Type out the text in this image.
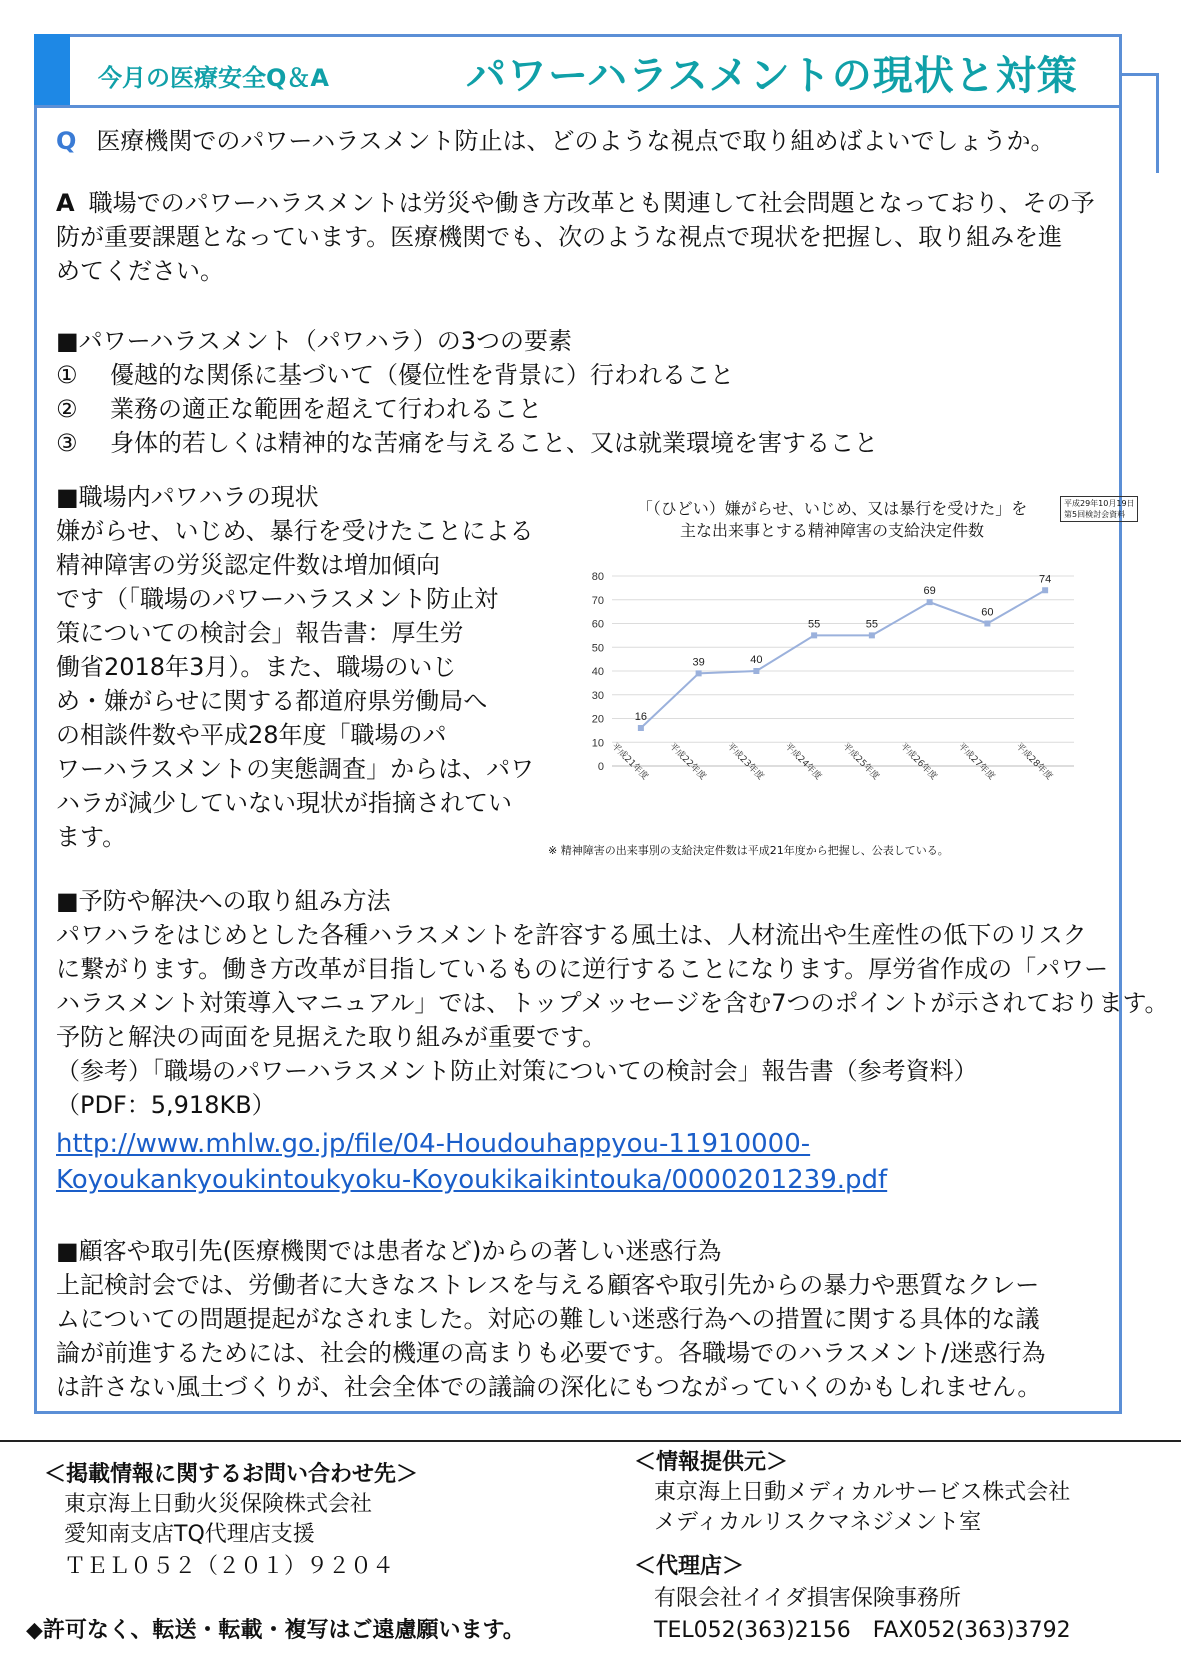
今月の医療安全Q＆A	パワーハラスメントの現状と対策
Q 医療機関でのパワーハラスメント防止は、どのような視点で取り組めばよいでしょうか。
A 職場でのパワーハラスメントは労災や働き方改革とも関連して社会問題となっており、その予
防が重要課題となっています。医療機関でも、次のような視点で現状を把握し、取り組みを進
めてください。
■パワーハラスメント（パワハラ）の3つの要素
① 優越的な関係に基づいて（優位性を背景に）行われること
② 業務の適正な範囲を超えて行われること
③ 身体的若しくは精神的な苦痛を与えること、又は就業環境を害すること
■職場内パワハラの現状
嫌がらせ、いじめ、暴行を受けたことによる
精神障害の労災認定件数は増加傾向
です（「職場のパワーハラスメント防止対
策についての検討会」報告書：厚生労
働省2018年3月）。また、職場のいじ
め・嫌がらせに関する都道府県労働局へ
の相談件数や平成28年度「職場のパ
ワーハラスメントの実態調査」からは、パワ
ハラが減少していない現状が指摘されてい
ます。
「（ひどい）嫌がらせ、いじめ、又は暴行を受けた」を
主な出来事とする精神障害の支給決定件数
平成29年10月19日
第5回検討会資料
0
10
20
30
40
50
60
70
80
16
39	40
55	55
69
60
74
平成21年度 平成22年度 平成23年度 平成24年度 平成25年度 平成26年度 平成27年度 平成28年度
※ 精神障害の出来事別の支給決定件数は平成21年度から把握し、公表している。
■予防や解決への取り組み方法
パワハラをはじめとした各種ハラスメントを許容する風土は、人材流出や生産性の低下のリスク
に繋がります。働き方改革が目指しているものに逆行することになります。厚労省作成の「パワー
ハラスメント対策導入マニュアル」では、トップメッセージを含む7つのポイントが示されております。
予防と解決の両面を見据えた取り組みが重要です。
（参考）「職場のパワーハラスメント防止対策についての検討会」報告書（参考資料）
（PDF：5,918KB）
http://www.mhlw.go.jp/file/04-Houdouhappyou-11910000-
Koyoukankyoukintoukyoku-Koyoukikaikintouka/0000201239.pdf
■顧客や取引先(医療機関では患者など)からの著しい迷惑行為
上記検討会では、労働者に大きなストレスを与える顧客や取引先からの暴力や悪質なクレー
ムについての問題提起がなされました。対応の難しい迷惑行為への措置に関する具体的な議
論が前進するためには、社会的機運の高まりも必要です。各職場でのハラスメント/迷惑行為
は許さない風土づくりが、社会全体での議論の深化にもつながっていくのかもしれません。
＜掲載情報に関するお問い合わせ先＞
東京海上日動火災保険株式会社
愛知南支店TQ代理店支援
ＴＥＬ０５２（２０１）９２０４
◆許可なく、転送・転載・複写はご遠慮願います。
＜情報提供元＞
東京海上日動メディカルサービス株式会社
メディカルリスクマネジメント室
＜代理店＞
有限会社イイダ損害保険事務所
TEL052(363)2156　FAX052(363)3792
